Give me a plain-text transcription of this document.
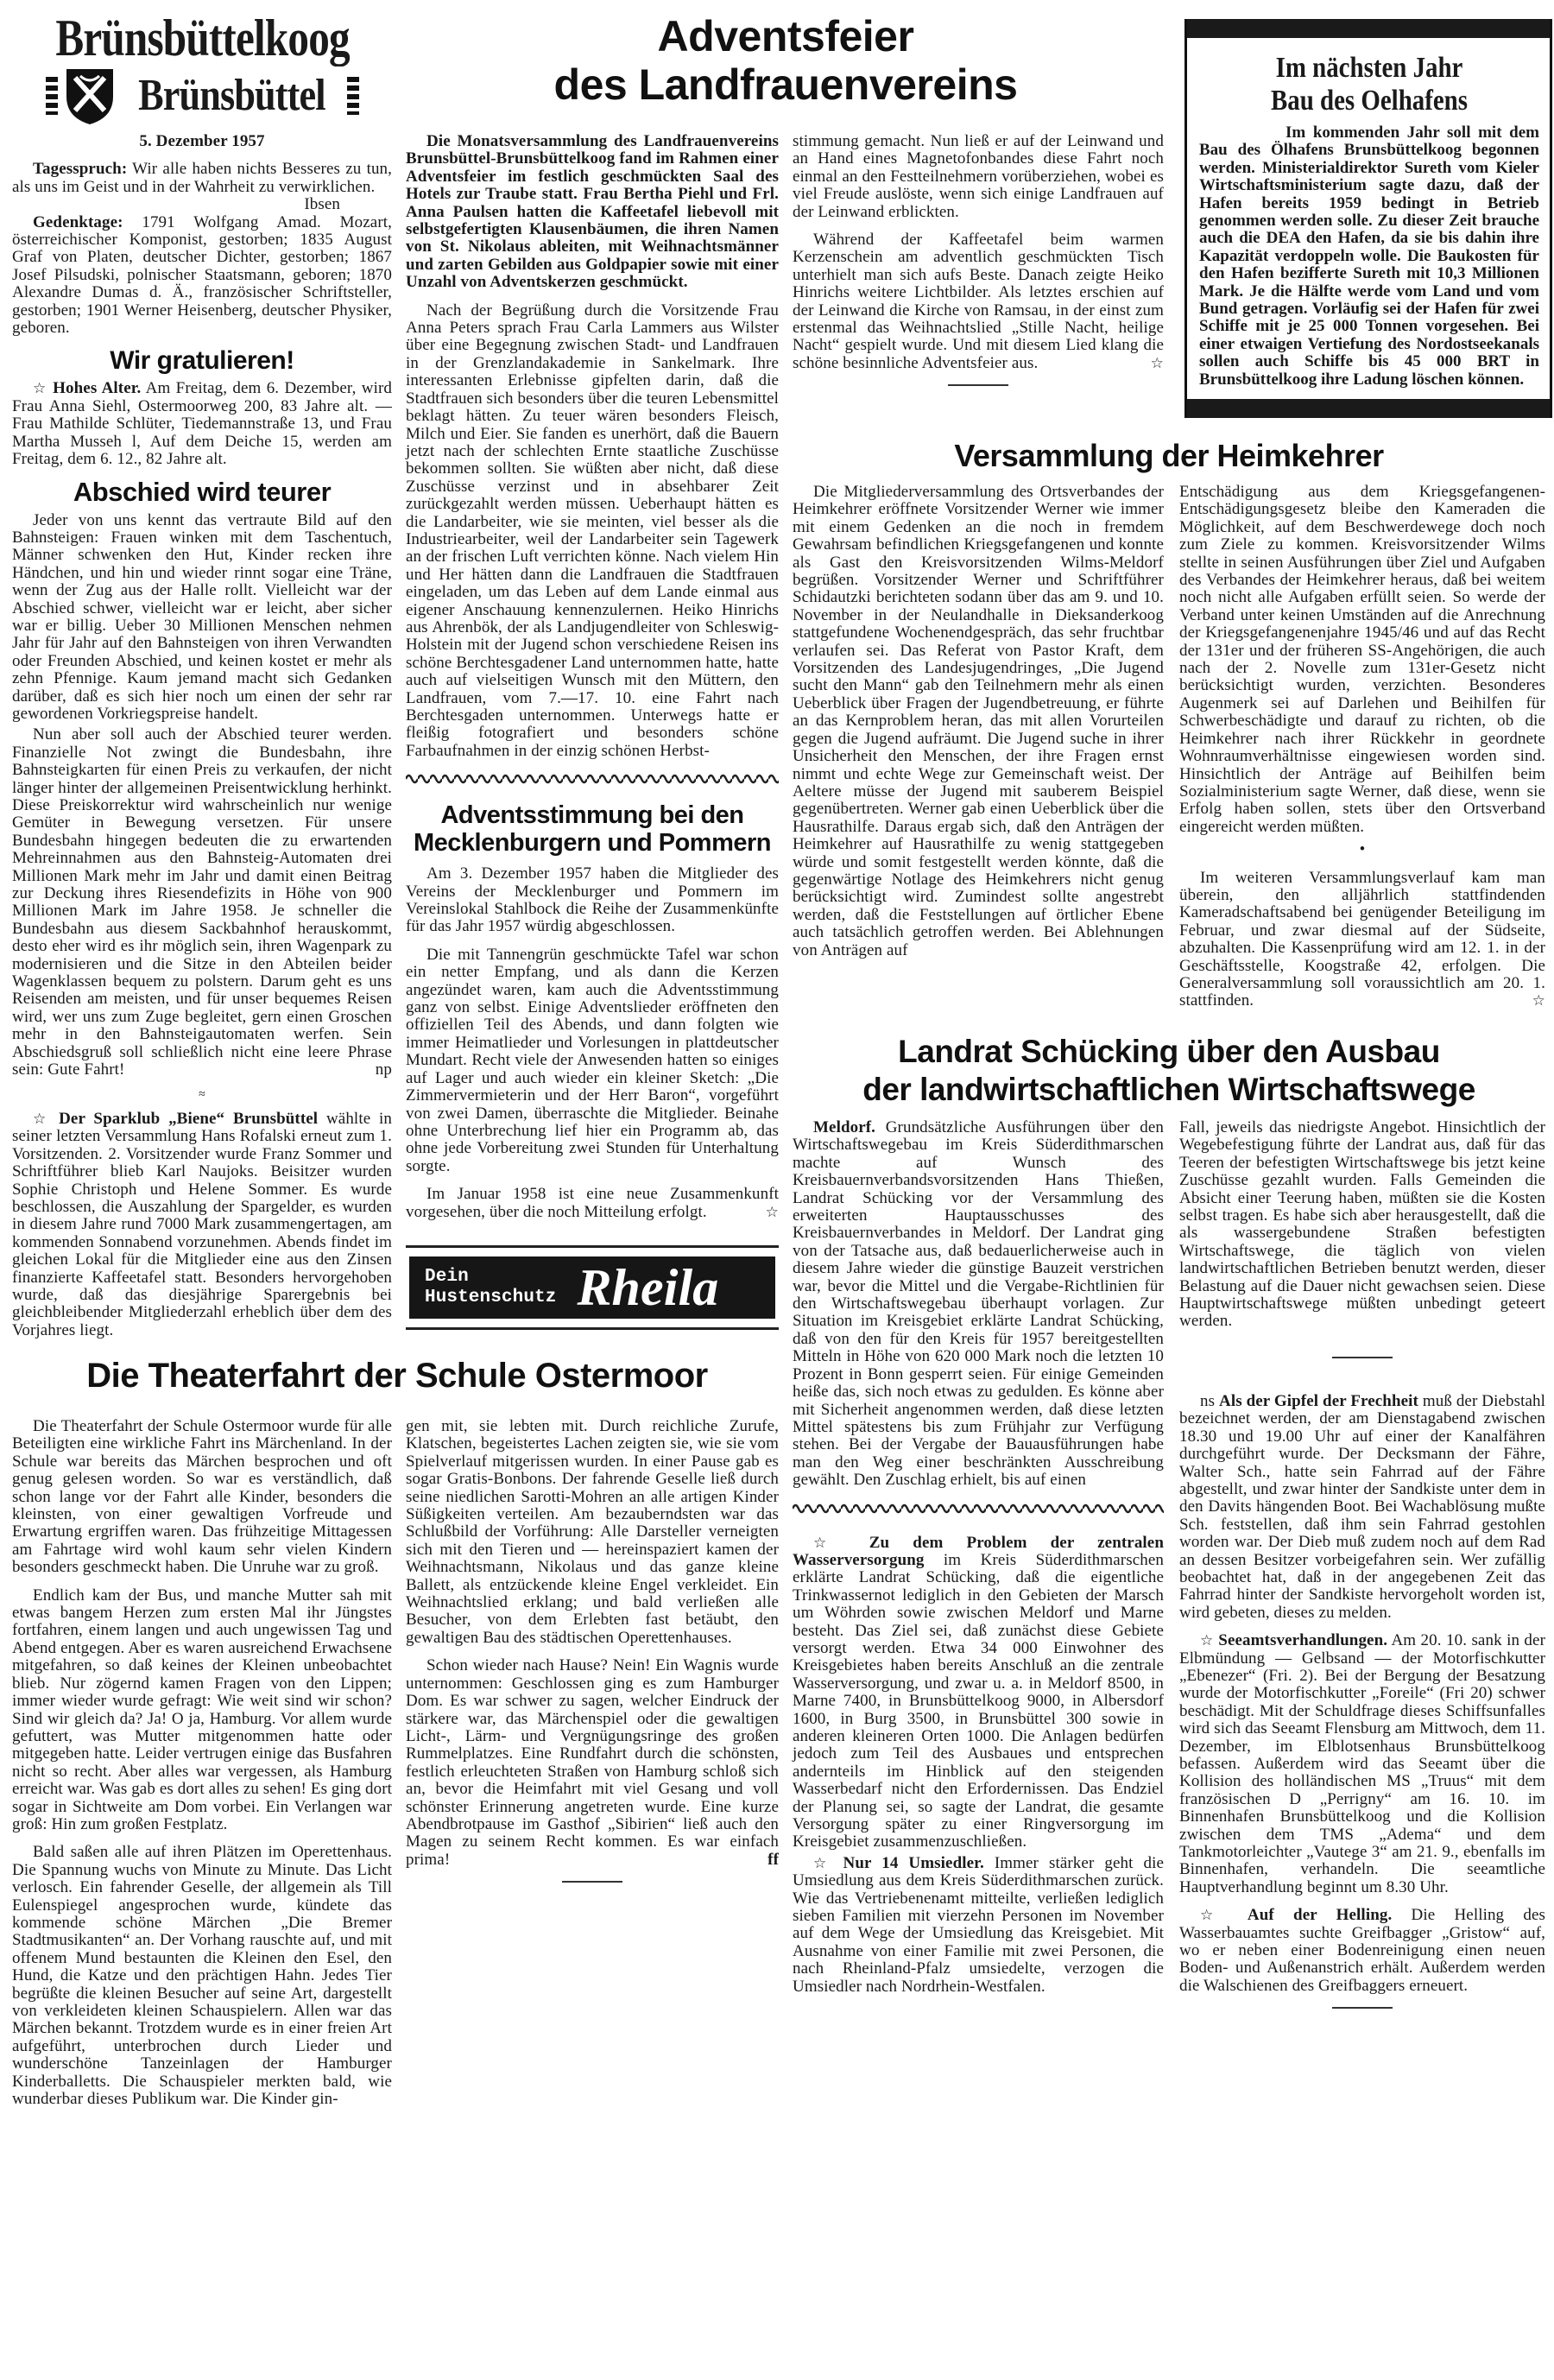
Brünsbüttelkoog
Brünsbüttel
5. Dezember 1957

Tagesspruch: Wir alle haben nichts Besseres zu tun, als uns im Geist und in der Wahrheit zu verwirklichen.
Ibsen

Gedenktage: 1791 Wolfgang Amad. Mozart, österreichischer Komponist, gestorben; 1835 August Graf von Platen, deutscher Dichter, gestorben; 1867 Josef Pilsudski, polnischer Staatsmann, geboren; 1870 Alexandre Dumas d. Ä., französischer Schriftsteller, gestorben; 1901 Werner Heisenberg, deutscher Physiker, geboren.

Wir gratulieren!

☆ Hohes Alter. Am Freitag, dem 6. Dezember, wird Frau Anna Siehl, Ostermoorweg 200, 83 Jahre alt. — Frau Mathilde Schlüter, Tiedemannstraße 13, und Frau Martha Musseh l, Auf dem Deiche 15, werden am Freitag, dem 6. 12., 82 Jahre alt.

Abschied wird teurer

Jeder von uns kennt das vertraute Bild auf den Bahnsteigen: Frauen winken mit dem Taschentuch, Männer schwenken den Hut, Kinder recken ihre Händchen, und hin und wieder rinnt sogar eine Träne, wenn der Zug aus der Halle rollt. Vielleicht war der Abschied schwer, vielleicht war er leicht, aber sicher war er billig. Ueber 30 Millionen Menschen nehmen Jahr für Jahr auf den Bahnsteigen von ihren Verwandten oder Freunden Abschied, und keinen kostet er mehr als zehn Pfennige. Kaum jemand macht sich Gedanken darüber, daß es sich hier noch um einen der sehr rar gewordenen Vorkriegspreise handelt.

Nun aber soll auch der Abschied teurer werden. Finanzielle Not zwingt die Bundesbahn, ihre Bahnsteigkarten für einen Preis zu verkaufen, der nicht länger hinter der allgemeinen Preisentwicklung herhinkt. Diese Preiskorrektur wird wahrscheinlich nur wenige Gemüter in Bewegung versetzen. Für unsere Bundesbahn hingegen bedeuten die zu erwartenden Mehreinnahmen aus den Bahnsteig-Automaten drei Millionen Mark mehr im Jahr und damit einen Beitrag zur Deckung ihres Riesendefizits in Höhe von 900 Millionen Mark im Jahre 1958. Je schneller die Bundesbahn aus diesem Sackbahnhof herauskommt, desto eher wird es ihr möglich sein, ihren Wagenpark zu modernisieren und die Sitze in den Abteilen beider Wagenklassen bequem zu polstern. Darum geht es uns Reisenden am meisten, und für unser bequemes Reisen wird, wer uns zum Zuge begleitet, gern einen Groschen mehr in den Bahnsteigautomaten werfen. Sein Abschiedsgruß soll schließlich nicht eine leere Phrase sein: Gute Fahrt!	np

≈

☆ Der Sparklub „Biene“ Brunsbüttel wählte in seiner letzten Versammlung Hans Rofalski erneut zum 1. Vorsitzenden. 2. Vorsitzender wurde Franz Sommer und Schriftführer blieb Karl Naujoks. Beisitzer wurden Sophie Christoph und Helene Sommer. Es wurde beschlossen, die Auszahlung der Spargelder, es wurden in diesem Jahre rund 7000 Mark zusammengertagen, am kommenden Sonnabend vorzunehmen. Abends findet im gleichen Lokal für die Mitglieder eine aus den Zinsen finanzierte Kaffeetafel statt. Besonders hervorgehoben wurde, daß das diesjährige Sparergebnis bei gleichbleibender Mitgliederzahl erheblich über dem des Vorjahres liegt.

Adventsfeier
des Landfrauenvereins

Die Monatsversammlung des Landfrauenvereins Brunsbüttel-Brunsbüttelkoog fand im Rahmen einer Adventsfeier im festlich geschmückten Saal des Hotels zur Traube statt. Frau Bertha Piehl und Frl. Anna Paulsen hatten die Kaffeetafel liebevoll mit selbstgefertigten Klausenbäumen, die ihren Namen von St. Nikolaus ableiten, mit Weihnachtsmänner und zarten Gebilden aus Goldpapier sowie mit einer Unzahl von Adventskerzen geschmückt.

Nach der Begrüßung durch die Vorsitzende Frau Anna Peters sprach Frau Carla Lammers aus Wilster über eine Begegnung zwischen Stadt- und Landfrauen in der Grenzlandakademie in Sankelmark. Ihre interessanten Erlebnisse gipfelten darin, daß die Stadtfrauen sich besonders über die teuren Lebensmittel beklagt hätten. Zu teuer wären besonders Fleisch, Milch und Eier. Sie fanden es unerhört, daß die Bauern jetzt nach der schlechten Ernte staatliche Zuschüsse bekommen sollten. Sie wüßten aber nicht, daß diese Zuschüsse verzinst und in absehbarer Zeit zurückgezahlt werden müssen. Ueberhaupt hätten es die Landarbeiter, wie sie meinten, viel besser als die Industriearbeiter, weil der Landarbeiter sein Tagewerk an der frischen Luft verrichten könne. Nach vielem Hin und Her hätten dann die Landfrauen die Stadtfrauen eingeladen, um das Leben auf dem Lande einmal aus eigener Anschauung kennenzulernen. Heiko Hinrichs aus Ahrenbök, der als Landjugendleiter von Schleswig-Holstein mit der Jugend schon verschiedene Reisen ins schöne Berchtesgadener Land unternommen hatte, hatte auch auf vielseitigen Wunsch mit den Müttern, den Landfrauen, vom 7.—17. 10. eine Fahrt nach Berchtesgaden unternommen. Unterwegs hatte er fleißig fotografiert und besonders schöne Farbaufnahmen in der einzig schönen Herbst-

Adventsstimmung bei den
Mecklenburgern und Pommern

Am 3. Dezember 1957 haben die Mitglieder des Vereins der Mecklenburger und Pommern im Vereinslokal Stahlbock die Reihe der Zusammenkünfte für das Jahr 1957 würdig abgeschlossen.

Die mit Tannengrün geschmückte Tafel war schon ein netter Empfang, und als dann die Kerzen angezündet waren, kam auch die Adventsstimmung ganz von selbst. Einige Adventslieder eröffneten den offiziellen Teil des Abends, und dann folgten wie immer Heimatlieder und Vorlesungen in plattdeutscher Mundart. Recht viele der Anwesenden hatten so einiges auf Lager und auch wieder ein kleiner Sketch: „Die Zimmervermieterin und der Herr Baron“, vorgeführt von zwei Damen, überraschte die Mitglieder. Beinahe ohne Unterbrechung lief hier ein Programm ab, das ohne jede Vorbereitung zwei Stunden für Unterhaltung sorgte.

Im Januar 1958 ist eine neue Zusammenkunft vorgesehen, über die noch Mitteilung erfolgt.	☆

Dein
Hustenschutz Rheila

stimmung gemacht. Nun ließ er auf der Leinwand und an Hand eines Magnetofonbandes diese Fahrt noch einmal an den Festteilnehmern vorüberziehen, wobei es viel Freude auslöste, wenn sich einige Landfrauen auf der Leinwand erblickten.

Während der Kaffeetafel beim warmen Kerzenschein am adventlich geschmückten Tisch unterhielt man sich aufs Beste. Danach zeigte Heiko Hinrichs weitere Lichtbilder. Als letztes erschien auf der Leinwand die Kirche von Ramsau, in der einst zum erstenmal das Weihnachtslied „Stille Nacht, heilige Nacht“ gespielt wurde. Und mit diesem Lied klang die schöne besinnliche Adventsfeier aus.	☆

Im nächsten Jahr
Bau des Oelhafens

Im kommenden Jahr soll mit dem Bau des Ölhafens Brunsbüttelkoog begonnen werden. Ministerialdirektor Sureth vom Kieler Wirtschaftsministerium sagte dazu, daß der Hafen bereits 1959 bedingt in Betrieb genommen werden solle. Zu dieser Zeit brauche auch die DEA den Hafen, da sie bis dahin ihre Kapazität verdoppeln wolle. Die Baukosten für den Hafen bezifferte Sureth mit 10,3 Millionen Mark. Je die Hälfte werde vom Land und vom Bund getragen. Vorläufig sei der Hafen für zwei Schiffe mit je 25 000 Tonnen vorgesehen. Bei einer etwaigen Vertiefung des Nordostseekanals sollen auch Schiffe bis 45 000 BRT in Brunsbüttelkoog ihre Ladung löschen können.

Versammlung der Heimkehrer

Die Mitgliederversammlung des Ortsverbandes der Heimkehrer eröffnete Vorsitzender Werner wie immer mit einem Gedenken an die noch in fremdem Gewahrsam befindlichen Kriegsgefangenen und konnte als Gast den Kreisvorsitzenden Wilms-Meldorf begrüßen. Vorsitzender Werner und Schriftführer Schidautzki berichteten sodann über das am 9. und 10. November in der Neulandhalle in Dieksanderkoog stattgefundene Wochenendgespräch, das sehr fruchtbar verlaufen sei. Das Referat von Pastor Kraft, dem Vorsitzenden des Landesjugendringes, „Die Jugend sucht den Mann“ gab den Teilnehmern mehr als einen Ueberblick über Fragen der Jugendbetreuung, er führte an das Kernproblem heran, das mit allen Vorurteilen gegen die Jugend aufräumt. Die Jugend suche in ihrer Unsicherheit den Menschen, der ihre Fragen ernst nimmt und echte Wege zur Gemeinschaft weist. Der Aeltere müsse der Jugend mit sauberem Beispiel gegenübertreten. Werner gab einen Ueberblick über die Hausrathilfe. Daraus ergab sich, daß den Anträgen der Heimkehrer auf Hausrathilfe zu wenig stattgegeben würde und somit festgestellt werden könnte, daß die gegenwärtige Notlage des Heimkehrers nicht genug berücksichtigt wird. Zumindest sollte angestrebt werden, daß die Feststellungen auf örtlicher Ebene auch tatsächlich getroffen werden. Bei Ablehnungen von Anträgen auf

Entschädigung aus dem Kriegsgefangenen-Entschädigungsgesetz bleibe den Kameraden die Möglichkeit, auf dem Beschwerdewege doch noch zum Ziele zu kommen. Kreisvorsitzender Wilms stellte in seinen Ausführungen über Ziel und Aufgaben des Verbandes der Heimkehrer heraus, daß bei weitem noch nicht alle Aufgaben erfüllt seien. So werde der Verband unter keinen Umständen auf die Anrechnung der Kriegsgefangenenjahre 1945/46 und auf das Recht der 131er und der früheren SS-Angehörigen, die auch nach der 2. Novelle zum 131er-Gesetz nicht berücksichtigt wurden, verzichten. Besonderes Augenmerk sei auf Darlehen und Beihilfen für Schwerbeschädigte und darauf zu richten, ob die Heimkehrer nach ihrer Rückkehr in geordnete Wohnraumverhältnisse eingewiesen worden sind. Hinsichtlich der Anträge auf Beihilfen beim Sozialministerium sagte Werner, daß diese, wenn sie Erfolg haben sollen, stets über den Ortsverband eingereicht werden müßten.

•

Im weiteren Versammlungsverlauf kam man überein, den alljährlich stattfindenden Kameradschaftsabend bei genügender Beteiligung im Februar, und zwar diesmal auf der Südseite, abzuhalten. Die Kassenprüfung wird am 12. 1. in der Geschäftsstelle, Koogstraße 42, erfolgen. Die Generalversammlung soll voraussichtlich am 20. 1. stattfinden.	☆

Landrat Schücking über den Ausbau
der landwirtschaftlichen Wirtschaftswege

Meldorf. Grundsätzliche Ausführungen über den Wirtschaftswegebau im Kreis Süderdithmarschen machte auf Wunsch des Kreisbauernverbandsvorsitzenden Hans Thießen, Landrat Schücking vor der Versammlung des erweiterten Hauptausschusses des Kreisbauernverbandes in Meldorf. Der Landrat ging von der Tatsache aus, daß bedauerlicherweise auch in diesem Jahre wieder die günstige Bauzeit verstrichen war, bevor die Mittel und die Vergabe-Richtlinien für den Wirtschaftswegebau überhaupt vorlagen. Zur Situation im Kreisgebiet erklärte Landrat Schücking, daß von den für den Kreis für 1957 bereitgestellten Mitteln in Höhe von 620 000 Mark noch die letzten 10 Prozent in Bonn gesperrt seien. Für einige Gemeinden heiße das, sich noch etwas zu gedulden. Es könne aber mit Sicherheit angenommen werden, daß diese letzten Mittel spätestens bis zum Frühjahr zur Verfügung stehen. Bei der Vergabe der Bauausführungen habe man den Weg einer beschränkten Ausschreibung gewählt. Den Zuschlag erhielt, bis auf einen

☆ Zu dem Problem der zentralen Wasserversorgung im Kreis Süderdithmarschen erklärte Landrat Schücking, daß die eigentliche Trinkwassernot lediglich in den Gebieten der Marsch um Wöhrden sowie zwischen Meldorf und Marne besteht. Das Ziel sei, daß zunächst diese Gebiete versorgt werden. Etwa 34 000 Einwohner des Kreisgebietes haben bereits Anschluß an die zentrale Wasserversorgung, und zwar u. a. in Meldorf 8500, in Marne 7400, in Brunsbüttelkoog 9000, in Albersdorf 1600, in Burg 3500, in Brunsbüttel 300 sowie in anderen kleineren Orten 1000. Die Anlagen bedürfen jedoch zum Teil des Ausbaues und entsprechen andernteils im Hinblick auf den steigenden Wasserbedarf nicht den Erfordernissen. Das Endziel der Planung sei, so sagte der Landrat, die gesamte Versorgung später zu einer Ringversorgung im Kreisgebiet zusammenzuschließen.

☆ Nur 14 Umsiedler. Immer stärker geht die Umsiedlung aus dem Kreis Süderdithmarschen zurück. Wie das Vertriebenenamt mitteilte, verließen lediglich sieben Familien mit vierzehn Personen im November auf dem Wege der Umsiedlung das Kreisgebiet. Mit Ausnahme von einer Familie mit zwei Personen, die nach Rheinland-Pfalz umsiedelte, verzogen die Umsiedler nach Nordrhein-Westfalen.

Fall, jeweils das niedrigste Angebot. Hinsichtlich der Wegebefestigung führte der Landrat aus, daß für das Teeren der befestigten Wirtschaftswege bis jetzt keine Zuschüsse gezahlt wurden. Falls Gemeinden die Absicht einer Teerung haben, müßten sie die Kosten selbst tragen. Es habe sich aber herausgestellt, daß die als wassergebundene Straßen befestigten Wirtschaftswege, die täglich von vielen landwirtschaftlichen Betrieben benutzt werden, dieser Belastung auf die Dauer nicht gewachsen seien. Diese Hauptwirtschaftswege müßten unbedingt geteert werden.

ns Als der Gipfel der Frechheit muß der Diebstahl bezeichnet werden, der am Dienstagabend zwischen 18.30 und 19.00 Uhr auf einer der Kanalfähren durchgeführt wurde. Der Decksmann der Fähre, Walter Sch., hatte sein Fahrrad auf der Fähre abgestellt, und zwar hinter der Sandkiste unter dem in den Davits hängenden Boot. Bei Wachablösung mußte Sch. feststellen, daß ihm sein Fahrrad gestohlen worden war. Der Dieb muß zudem noch auf dem Rad an dessen Besitzer vorbeigefahren sein. Wer zufällig beobachtet hat, daß in der angegebenen Zeit das Fahrrad hinter der Sandkiste hervorgeholt worden ist, wird gebeten, dieses zu melden.

☆ Seeamtsverhandlungen. Am 20. 10. sank in der Elbmündung — Gelbsand — der Motorfischkutter „Ebenezer“ (Fri. 2). Bei der Bergung der Besatzung wurde der Motorfischkutter „Foreile“ (Fri 20) schwer beschädigt. Mit der Schuldfrage dieses Schiffsunfalles wird sich das Seeamt Flensburg am Mittwoch, dem 11. Dezember, im Elblotsenhaus Brunsbüttelkoog befassen. Außerdem wird das Seeamt über die Kollision des holländischen MS „Truus“ mit dem französischen D „Perrigny“ am 16. 10. im Binnenhafen Brunsbüttelkoog und die Kollision zwischen dem TMS „Adema“ und dem Tankmotorleichter „Vautege 3“ am 21. 9., ebenfalls im Binnenhafen, verhandeln. Die seeamtliche Hauptverhandlung beginnt um 8.30 Uhr.

☆ Auf der Helling. Die Helling des Wasserbauamtes suchte Greifbagger „Gristow“ auf, wo er neben einer Bodenreinigung einen neuen Boden- und Außenanstrich erhält. Außerdem werden die Walschienen des Greifbaggers erneuert.

Die Theaterfahrt der Schule Ostermoor

Die Theaterfahrt der Schule Ostermoor wurde für alle Beteiligten eine wirkliche Fahrt ins Märchenland. In der Schule war bereits das Märchen besprochen und oft genug gelesen worden. So war es verständlich, daß schon lange vor der Fahrt alle Kinder, besonders die kleinsten, von einer gewaltigen Vorfreude und Erwartung ergriffen waren. Das frühzeitige Mittagessen am Fahrtage wird wohl kaum sehr vielen Kindern besonders geschmeckt haben. Die Unruhe war zu groß.

Endlich kam der Bus, und manche Mutter sah mit etwas bangem Herzen zum ersten Mal ihr Jüngstes fortfahren, einem langen und auch ungewissen Tag und Abend entgegen. Aber es waren ausreichend Erwachsene mitgefahren, so daß keines der Kleinen unbeobachtet blieb. Nur zögernd kamen Fragen von den Lippen; immer wieder wurde gefragt: Wie weit sind wir schon? Sind wir gleich da? Ja! O ja, Hamburg. Vor allem wurde gefuttert, was Mutter mitgenommen hatte oder mitgegeben hatte. Leider vertrugen einige das Busfahren nicht so recht. Aber alles war vergessen, als Hamburg erreicht war. Was gab es dort alles zu sehen! Es ging dort sogar in Sichtweite am Dom vorbei. Ein Verlangen war groß: Hin zum großen Festplatz.

Bald saßen alle auf ihren Plätzen im Operettenhaus. Die Spannung wuchs von Minute zu Minute. Das Licht verlosch. Ein fahrender Geselle, der allgemein als Till Eulenspiegel angesprochen wurde, kündete das kommende schöne Märchen „Die Bremer Stadtmusikanten“ an. Der Vorhang rauschte auf, und mit offenem Mund bestaunten die Kleinen den Esel, den Hund, die Katze und den prächtigen Hahn. Jedes Tier begrüßte die kleinen Besucher auf seine Art, dargestellt von verkleideten kleinen Schauspielern. Allen war das Märchen bekannt. Trotzdem wurde es in einer freien Art aufgeführt, unterbrochen durch Lieder und wunderschöne Tanzeinlagen der Hamburger Kinderballetts. Die Schauspieler merkten bald, wie wunderbar dieses Publikum war. Die Kinder gin-

gen mit, sie lebten mit. Durch reichliche Zurufe, Klatschen, begeistertes Lachen zeigten sie, wie sie vom Spielverlauf mitgerissen wurden. In einer Pause gab es sogar Gratis-Bonbons. Der fahrende Geselle ließ durch seine niedlichen Sarotti-Mohren an alle artigen Kinder Süßigkeiten verteilen. Am bezauberndsten war das Schlußbild der Vorführung: Alle Darsteller verneigten sich mit den Tieren und — hereinspaziert kamen der Weihnachtsmann, Nikolaus und das ganze kleine Ballett, als entzückende kleine Engel verkleidet. Ein Weihnachtslied erklang; und bald verließen alle Besucher, von dem Erlebten fast betäubt, den gewaltigen Bau des städtischen Operettenhauses.

Schon wieder nach Hause? Nein! Ein Wagnis wurde unternommen: Geschlossen ging es zum Hamburger Dom. Es war schwer zu sagen, welcher Eindruck der stärkere war, das Märchenspiel oder die gewaltigen Licht-, Lärm- und Vergnügungsringe des großen Rummelplatzes. Eine Rundfahrt durch die schönsten, festlich erleuchteten Straßen von Hamburg schloß sich an, bevor die Heimfahrt mit viel Gesang und voll schönster Erinnerung angetreten wurde. Eine kurze Abendbrotpause im Gasthof „Sibirien“ ließ auch den Magen zu seinem Recht kommen. Es war einfach prima!	ff
